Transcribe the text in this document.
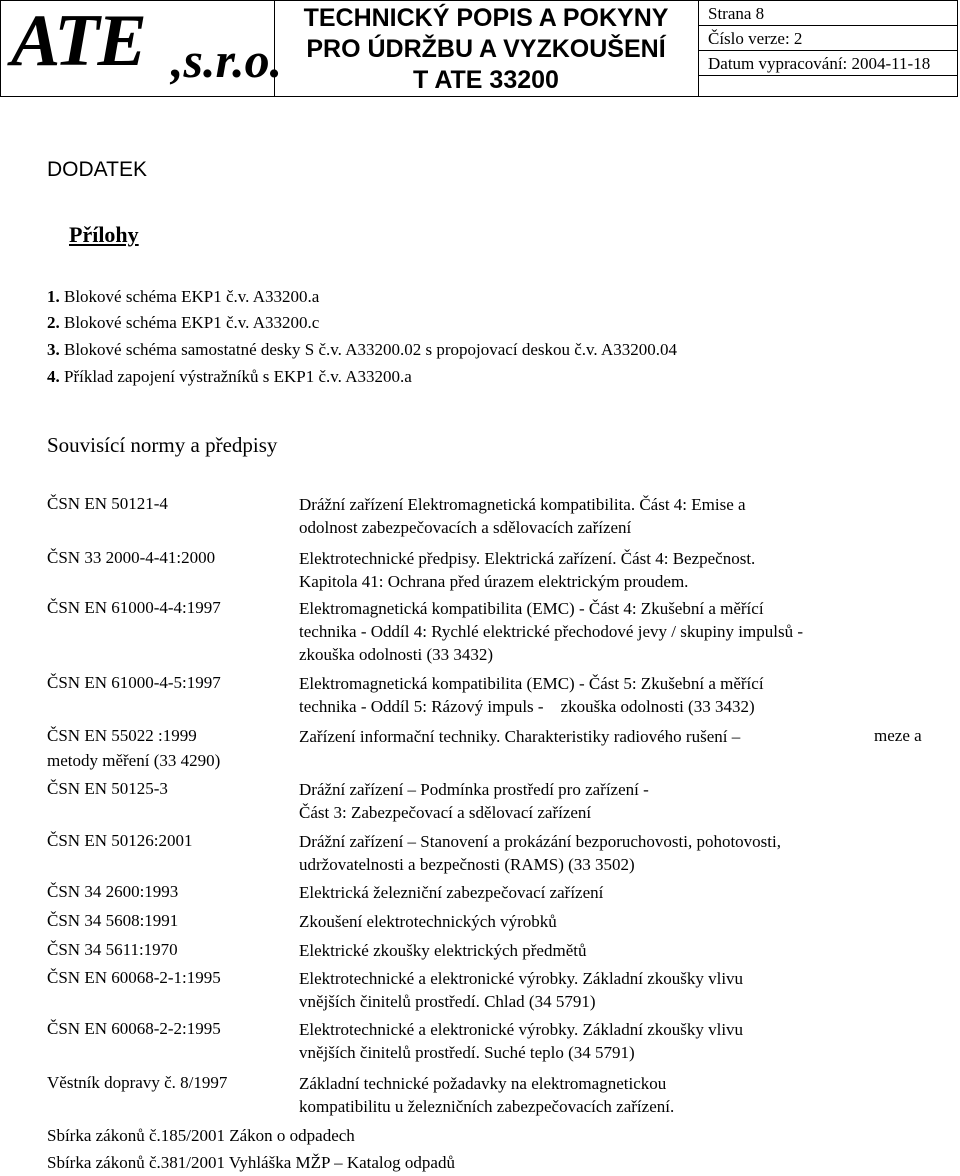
ATE ,s.r.o.
TECHNICKÝ POPIS A POKYNY
PRO ÚDRŽBU A VYZKOUŠENÍ
T ATE 33200
Strana 8
Číslo verze: 2
Datum vypracování: 2004-11-18
DODATEK
Přílohy
1. Blokové schéma EKP1 č.v. A33200.a
2. Blokové schéma EKP1 č.v. A33200.c
3. Blokové schéma samostatné desky S č.v. A33200.02 s propojovací deskou č.v. A33200.04
4. Příklad zapojení výstražníků s EKP1 č.v. A33200.a
Souvisící normy a předpisy
ČSN EN 50121-4	Drážní zařízení Elektromagnetická kompatibilita. Část 4: Emise a
odolnost zabezpečovacích a sdělovacích zařízení
ČSN 33 2000-4-41:2000	Elektrotechnické předpisy. Elektrická zařízení. Část 4: Bezpečnost.
Kapitola 41: Ochrana před úrazem elektrickým proudem.
ČSN EN 61000-4-4:1997	Elektromagnetická kompatibilita (EMC) - Část 4: Zkušební a měřící
technika - Oddíl 4: Rychlé elektrické přechodové jevy / skupiny impulsů -
zkouška odolnosti (33 3432)
ČSN EN 61000-4-5:1997	Elektromagnetická kompatibilita (EMC) - Část 5: Zkušební a měřící
technika - Oddíl 5: Rázový impuls -    zkouška odolnosti (33 3432)
ČSN EN 55022 :1999	Zařízení informační techniky. Charakteristiky radiového rušení –	meze a
metody měření (33 4290)
ČSN EN 50125-3	Drážní zařízení – Podmínka prostředí pro zařízení -
Část 3: Zabezpečovací a sdělovací zařízení
ČSN EN 50126:2001	Drážní zařízení – Stanovení a prokázání bezporuchovosti, pohotovosti,
udržovatelnosti a bezpečnosti (RAMS) (33 3502)
ČSN 34 2600:1993	Elektrická železniční zabezpečovací zařízení
ČSN 34 5608:1991	Zkoušení elektrotechnických výrobků
ČSN 34 5611:1970	Elektrické zkoušky elektrických předmětů
ČSN EN 60068-2-1:1995	Elektrotechnické a elektronické výrobky. Základní zkoušky vlivu
vnějších činitelů prostředí. Chlad (34 5791)
ČSN EN 60068-2-2:1995	Elektrotechnické a elektronické výrobky. Základní zkoušky vlivu
vnějších činitelů prostředí. Suché teplo (34 5791)
Věstník dopravy č. 8/1997	Základní technické požadavky na elektromagnetickou
kompatibilitu u železničních zabezpečovacích zařízení.
Sbírka zákonů č.185/2001 Zákon o odpadech
Sbírka zákonů č.381/2001 Vyhláška MŽP – Katalog odpadů
